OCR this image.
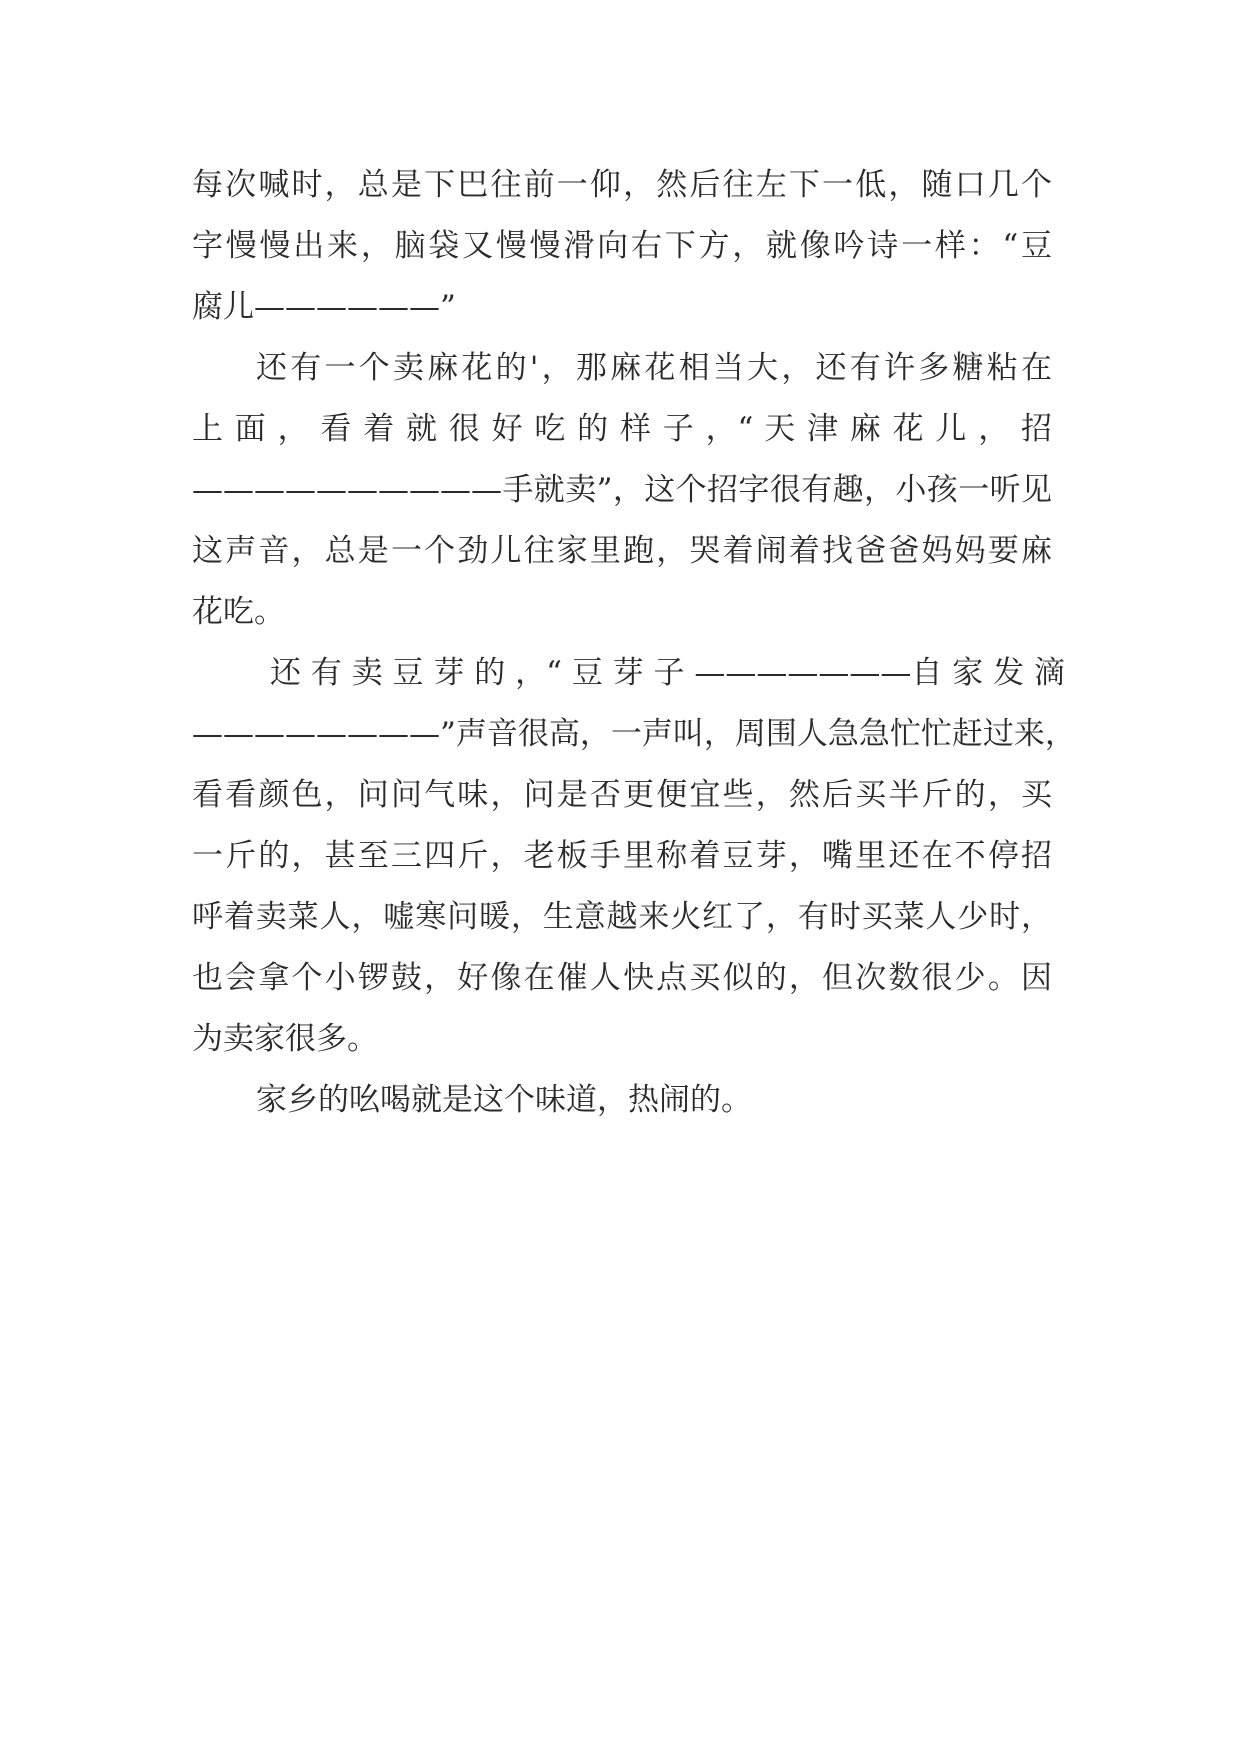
每次喊时，总是下巴往前一仰，然后往左下一低，随口几个
字慢慢出来，脑袋又慢慢滑向右下方，就像吟诗一样：“豆
腐儿——————”
还有一个卖麻花的'，那麻花相当大，还有许多糖粘在
上 面 ， 看 着 就 很 好 吃 的 样 子 ，“ 天 津 麻 花 儿 ， 招
——————————手就卖”，这个招字很有趣，小孩一听见
这声音，总是一个劲儿往家里跑，哭着闹着找爸爸妈妈要麻
花吃。
还 有 卖 豆 芽 的 ，“ 豆 芽 子 ———————自 家 发 滴
————————”声音很高，一声叫，周围人急急忙忙赶过来，
看看颜色，问问气味，问是否更便宜些，然后买半斤的，买
一斤的，甚至三四斤，老板手里称着豆芽，嘴里还在不停招
呼着卖菜人，嘘寒问暖，生意越来火红了，有时买菜人少时，
也会拿个小锣鼓，好像在催人快点买似的，但次数很少。因
为卖家很多。
家乡的吆喝就是这个味道，热闹的。
